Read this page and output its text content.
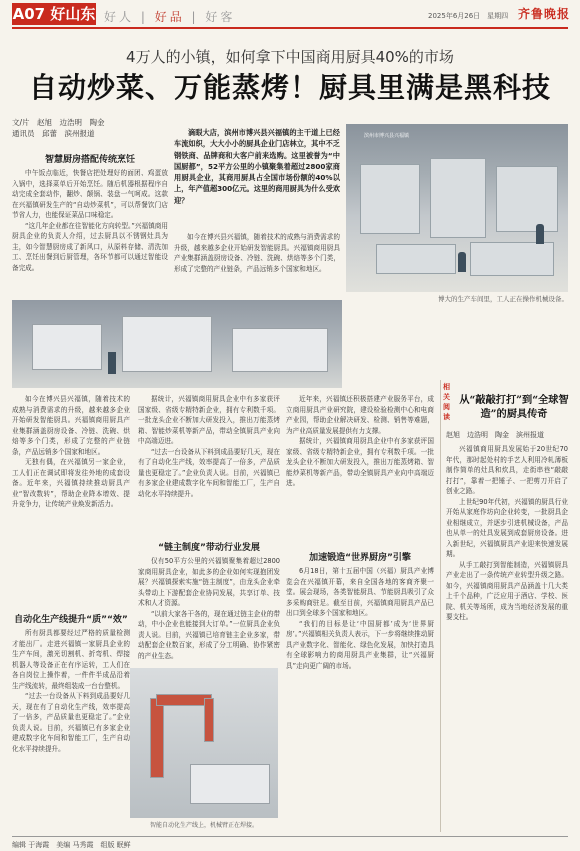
A07 好山东 好人 | 好品 | 好客	2025年6月26日　星期四 齐鲁晚报
4万人的小镇，如何拿下中国商用厨具40%的市场
自动炒菜、万能蒸烤！厨具里满是黑科技
文/片　赵旭　边浩明　陶金
通讯员　邱蕾　滨州报道	滴眼大店，滨州市博兴县兴福镇的主干道上已经车流如织，大大小小的厨具企业门店林立，其中不乏钢铁商、品牌商和大客户前来选购。这里被誉为“中国厨都”，52平方公里的小镇聚集着超过2800家商用厨具企业，其商用厨具占全国市场份额的40%以上，年产值超300亿元。这里的商用厨具为什么受欢迎？
滨州市博兴县兴福镇
博大的生产车间里，工人正在操作机械设备。
智慧厨房搭配传统烹饪

中午饭点临近，快餐店把处理好的面团、鸡蛋放入锅中，选择菜单后开始烹饪。随后机器根据程序自动完成全套动作，翻炒、颠锅、装盘一气呵成。这款在兴福镇研发生产的“自动炒菜机”，可以帮餐饮门店节省人力，也能保证菜品口味稳定。

“这几年企业都在往智能化方向转型。”兴福镇商用厨具企业的负责人介绍，过去厨具以不锈钢灶具为主，如今智慧厨房成了新风口，从原料存储、清洗加工、烹饪出餐到后厨管理，各环节都可以通过智能设备完成。

如今在博兴县兴福镇，随着技术的成熟与消费需求的升级，越来越多企业开始研发智能厨具。兴福镇商用厨具产业集群涵盖厨房设备、冷链、洗碗、烘焙等多个门类，形成了完整的产业链条，产品远销多个国家和地区。

如今在博兴县兴福镇，随着技术的成熟与消费需求的升级，越来越多企业开始研发智能厨具。兴福镇商用厨具产业集群涵盖厨房设备、冷链、洗碗、烘焙等多个门类，形成了完整的产业链条，产品远销多个国家和地区。

无独有偶，在兴福镇另一家企业，工人们正在调试即将发往外地的成套设备。近年来，兴福镇持续推动厨具产业“智改数转”，帮助企业降本增效、提升竞争力，让传统产业焕发新活力。

自动化生产线提升“质”“效”

所有厨具都要经过严格的质量检测才能出厂。走进兴福镇一家厨具企业的生产车间，激光切割机、折弯机、焊接机器人等设备正在有序运转，工人们在各自岗位上操作着，一件件半成品沿着生产线流转，最终组装成一台台整机。

“过去一台设备从下料到成品要好几天，现在有了自动化生产线，效率提高了一倍多，产品质量也更稳定了。”企业负责人说。目前，兴福镇已有多家企业建成数字化车间和智能工厂，生产自动化水平持续提升。

据统计，兴福镇商用厨具企业中有多家获评国家级、省级专精特新企业，拥有专利数千项。一批龙头企业不断加大研发投入，推出万能蒸烤箱、智能炒菜机等新产品，带动全镇厨具产业向中高端迈进。

“过去一台设备从下料到成品要好几天，现在有了自动化生产线，效率提高了一倍多，产品质量也更稳定了。”企业负责人说。目前，兴福镇已有多家企业建成数字化车间和智能工厂，生产自动化水平持续提升。

“链主制度”带动行业发展

仅有50平方公里的兴福镇聚集着超过2800家商用厨具企业，如此多的企业如何实现抱团发展？兴福镇探索实施“链主制度”，由龙头企业牵头带动上下游配套企业协同发展，共享订单、技术和人才资源。

“以前大家各干各的，现在通过链主企业的带动，中小企业也能接到大订单。”一位厨具企业负责人说。目前，兴福镇已培育链主企业多家，带动配套企业数百家，形成了分工明确、协作紧密的产业生态。

智能自动化生产线上，机械臂正在焊接。

近年来，兴福镇还积极搭建产业服务平台，成立商用厨具产业研究院，建设检验检测中心和电商产业园，帮助企业解决研发、检测、销售等难题，为产业高质量发展提供有力支撑。

据统计，兴福镇商用厨具企业中有多家获评国家级、省级专精特新企业，拥有专利数千项。一批龙头企业不断加大研发投入，推出万能蒸烤箱、智能炒菜机等新产品，带动全镇厨具产业向中高端迈进。

加速锻造“世界厨房”引擎

6月18日，第十五届中国（兴福）厨具产业博览会在兴福镇开幕，来自全国各地的客商齐聚一堂。展会现场，各类智能厨具、节能厨具吸引了众多采购商驻足。截至目前，兴福镇商用厨具产品已出口到全球多个国家和地区。

“我们的目标是让‘中国厨都’成为‘世界厨房’。”兴福镇相关负责人表示，下一步将继续推动厨具产业数字化、智能化、绿色化发展，加快打造具有全球影响力的商用厨具产业集群，让“兴福厨具”走向更广阔的市场。

相关阅读
从“敲敲打打”到“全球智造”的厨具传奇
赵旭　边浩明　陶金　滨州报道

兴福镇商用厨具发展始于20世纪70年代，那时起处村的手艺人利用冷轧薄板制作简单的灶具和炊具，走街串巷“敲敲打打”，靠着一把锤子、一把剪刀开启了创业之路。

上世纪90年代初，兴福镇的厨具行业开始从家庭作坊向企业转变，一批厨具企业相继成立，并逐步引进机械设备，产品也从单一的灶具发展到成套厨房设备。进入新世纪，兴福镇厨具产业迎来快速发展期。

从手工敲打到智能制造，兴福镇厨具产业走出了一条传统产业转型升级之路。如今，兴福镇商用厨具产品涵盖十几大类上千个品种，广泛应用于酒店、学校、医院、机关等场所，成为当地经济发展的重要支柱。

编辑 于海霞　美编 马秀霞　组版 眠鲜
